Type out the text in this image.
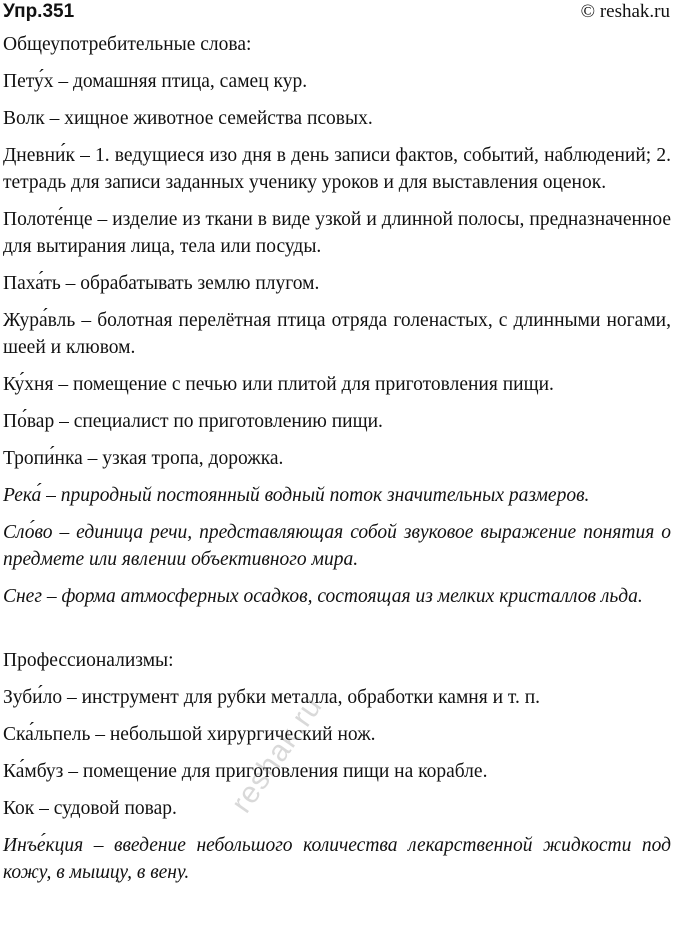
Упр.351	© reshak.ru
Общеупотребительные слова:

Пету́х – домашняя птица, самец кур.

Волк – хищное животное семейства псовых.

Дневни́к – 1. ведущиеся изо дня в день записи фактов, событий, наблюдений; 2. тетрадь для записи заданных ученику уроков и для выставления оценок.

Полоте́нце – изделие из ткани в виде узкой и длинной полосы, предназначенное для вытирания лица, тела или посуды.

Паха́ть – обрабатывать землю плугом.

Жура́вль – болотная перелётная птица отряда голенастых, с длинными ногами, шеей и клювом.

Ку́хня – помещение с печью или плитой для приготовления пищи.

По́вар – специалист по приготовлению пищи.

Тропи́нка – узкая тропа, дорожка.

Река́ – природный постоянный водный поток значительных размеров.

Сло́во – единица речи, представляющая собой звуковое выражение понятия о предмете или явлении объективного мира.

Снег – форма атмосферных осадков, состоящая из мелких кристаллов льда.

Профессионализмы:

Зуби́ло – инструмент для рубки металла, обработки камня и т. п.

Ска́льпель – небольшой хирургический нож.

Ка́мбуз – помещение для приготовления пищи на корабле.

Кок – судовой повар.

Инъе́кция – введение небольшого количества лекарственной жидкости под кожу, в мышцу, в вену.

reshak.ru
